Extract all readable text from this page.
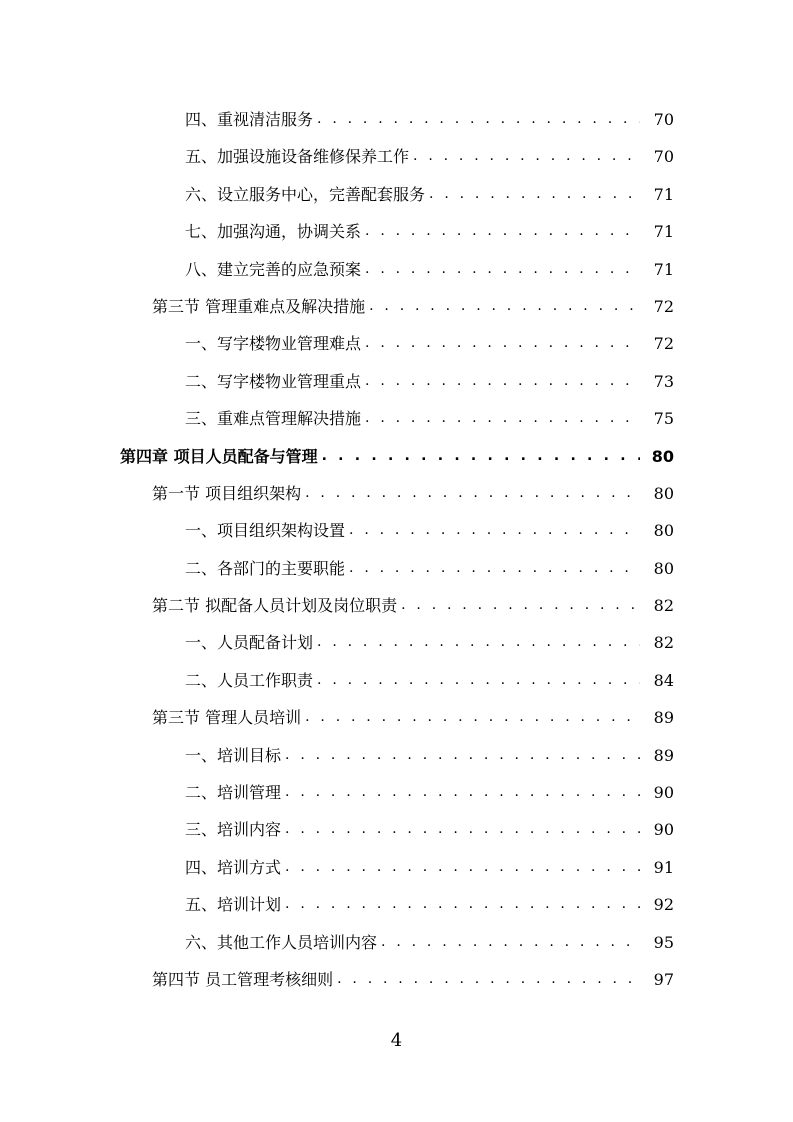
四、重视清洁服务 . . .	70
五、加强设施设备维修保养工作 . . .	70
六、设立服务中心，完善配套服务 . . .	71
七、加强沟通，协调关系 . . .	71
八、建立完善的应急预案 . . .	71
第三节 管理重难点及解决措施 . . .	72
一、写字楼物业管理难点 . . .	72
二、写字楼物业管理重点 . . .	73
三、重难点管理解决措施 . . .	75
第四章 项目人员配备与管理 . . .	80
第一节 项目组织架构 . . .	80
一、项目组织架构设置 . . .	80
二、各部门的主要职能 . . .	80
第二节 拟配备人员计划及岗位职责 . . .	82
一、人员配备计划 . . .	82
二、人员工作职责 . . .	84
第三节 管理人员培训 . . .	89
一、培训目标 . . .	89
二、培训管理 . . .	90
三、培训内容 . . .	90
四、培训方式 . . .	91
五、培训计划 . . .	92
六、其他工作人员培训内容 . . .	95
第四节 员工管理考核细则 . . .	97
4
